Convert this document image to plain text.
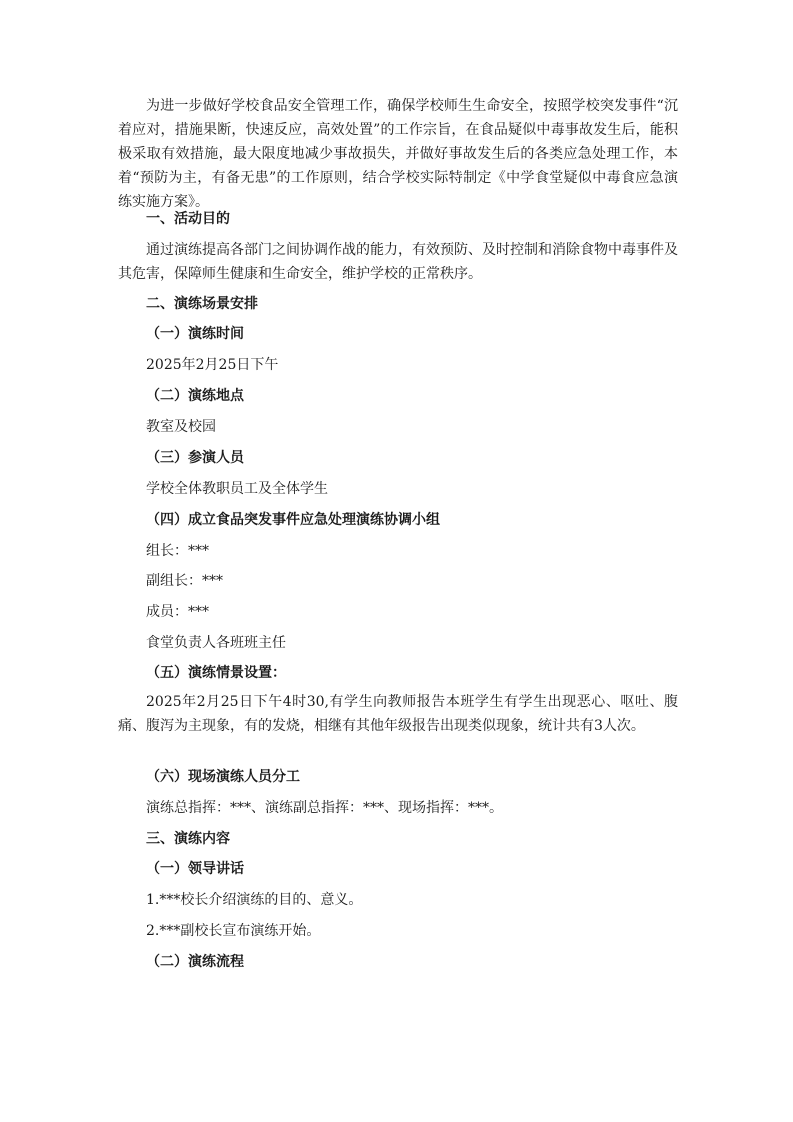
为进一步做好学校食品安全管理工作，确保学校师生生命安全，按照学校突发事件“沉着应对，措施果断，快速反应，高效处置”的工作宗旨，在食品疑似中毒事故发生后，能积极采取有效措施，最大限度地减少事故损失，并做好事故发生后的各类应急处理工作，本着“预防为主，有备无患”的工作原则，结合学校实际特制定《中学食堂疑似中毒食应急演练实施方案》。

一、活动目的

通过演练提高各部门之间协调作战的能力，有效预防、及时控制和消除食物中毒事件及其危害，保障师生健康和生命安全，维护学校的正常秩序。

二、演练场景安排

（一）演练时间

2025年2月25日下午

（二）演练地点

教室及校园

（三）参演人员

学校全体教职员工及全体学生

（四）成立食品突发事件应急处理演练协调小组

组长：***

副组长：***

成员：***

食堂负责人各班班主任

（五）演练情景设置：

2025年2月25日下午4时30,有学生向教师报告本班学生有学生出现恶心、呕吐、腹痛、腹泻为主现象，有的发烧，相继有其他年级报告出现类似现象，统计共有3人次。

（六）现场演练人员分工

演练总指挥：***、演练副总指挥：***、现场指挥：***。

三、演练内容

（一）领导讲话

1.***校长介绍演练的目的、意义。

2.***副校长宣布演练开始。

（二）演练流程
